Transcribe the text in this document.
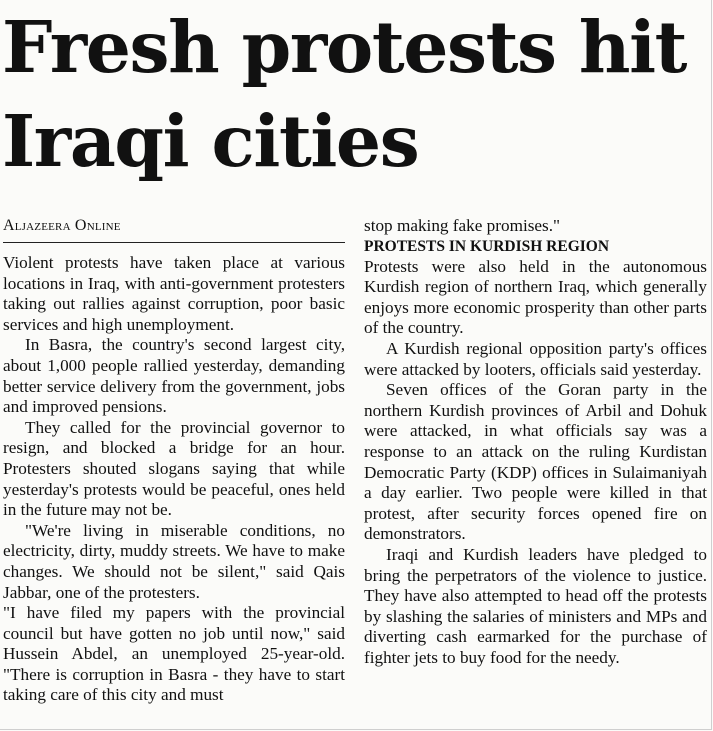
Fresh protests hit
Iraqi cities
Aljazeera Online

Violent protests have taken place at various locations in Iraq, with anti-government protesters taking out rallies against corruption, poor basic services and high unemployment.

In Basra, the country's second largest city, about 1,000 people rallied yesterday, demanding better service delivery from the government, jobs and improved pensions.

They called for the provincial governor to resign, and blocked a bridge for an hour. Protesters shouted slogans saying that while yesterday's protests would be peaceful, ones held in the future may not be.

"We're living in miserable conditions, no electricity, dirty, muddy streets. We have to make changes. We should not be silent," said Qais Jabbar, one of the protesters.

"I have filed my papers with the provincial council but have gotten no job until now," said Hussein Abdel, an unemployed 25-year-old. "There is corruption in Basra - they have to start taking care of this city and must

stop making fake promises."

PROTESTS IN KURDISH REGION

Protests were also held in the autonomous Kurdish region of northern Iraq, which generally enjoys more economic prosperity than other parts of the country.

A Kurdish regional opposition party's offices were attacked by looters, officials said yesterday.

Seven offices of the Goran party in the northern Kurdish provinces of Arbil and Dohuk were attacked, in what officials say was a response to an attack on the ruling Kurdistan Democratic Party (KDP) offices in Sulaimaniyah a day earlier. Two people were killed in that protest, after security forces opened fire on demonstrators.

Iraqi and Kurdish leaders have pledged to bring the perpetrators of the violence to justice. They have also attempted to head off the protests by slashing the salaries of ministers and MPs and diverting cash earmarked for the purchase of fighter jets to buy food for the needy.
